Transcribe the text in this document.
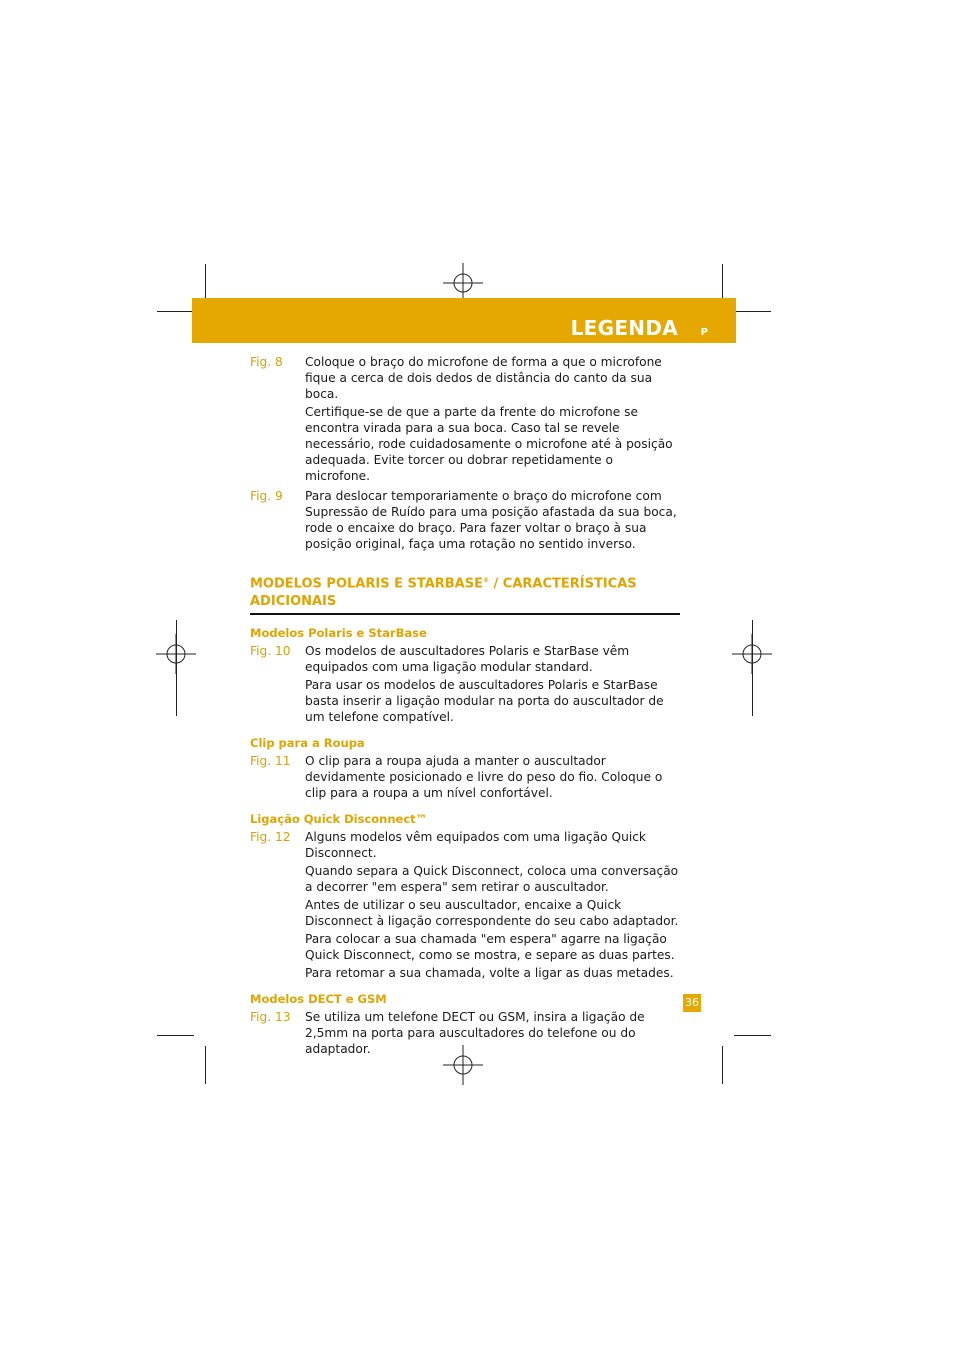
LEGENDA P
Fig. 8	Coloque o braço do microfone de forma a que o microfone fique a cerca de dois dedos de distância do canto da sua boca.

Certifique-se de que a parte da frente do microfone se encontra virada para a sua boca. Caso tal se revele necessário, rode cuidadosamente o microfone até à posição adequada. Evite torcer ou dobrar repetidamente o microfone.

Fig. 9	Para deslocar temporariamente o braço do microfone com Supressão de Ruído para uma posição afastada da sua boca, rode o encaixe do braço. Para fazer voltar o braço à sua posição original, faça uma rotação no sentido inverso.

MODELOS POLARIS E STARBASE® / CARACTERÍSTICAS ADICIONAIS
Modelos Polaris e StarBase
Fig. 10	Os modelos de auscultadores Polaris e StarBase vêm equipados com uma ligação modular standard.

Para usar os modelos de auscultadores Polaris e StarBase basta inserir a ligação modular na porta do auscultador de um telefone compatível.

Clip para a Roupa
Fig. 11	O clip para a roupa ajuda a manter o auscultador devidamente posicionado e livre do peso do fio. Coloque o clip para a roupa a um nível confortável.

Ligação Quick Disconnect™
Fig. 12	Alguns modelos vêm equipados com uma ligação Quick Disconnect.

Quando separa a Quick Disconnect, coloca uma conversação a decorrer "em espera" sem retirar o auscultador.

Antes de utilizar o seu auscultador, encaixe a Quick Disconnect à ligação correspondente do seu cabo adaptador.

Para colocar a sua chamada "em espera" agarre na ligação Quick Disconnect, como se mostra, e separe as duas partes.

Para retomar a sua chamada, volte a ligar as duas metades.

Modelos DECT e GSM
Fig. 13	Se utiliza um telefone DECT ou GSM, insira a ligação de 2,5mm na porta para auscultadores do telefone ou do adaptador.

36
